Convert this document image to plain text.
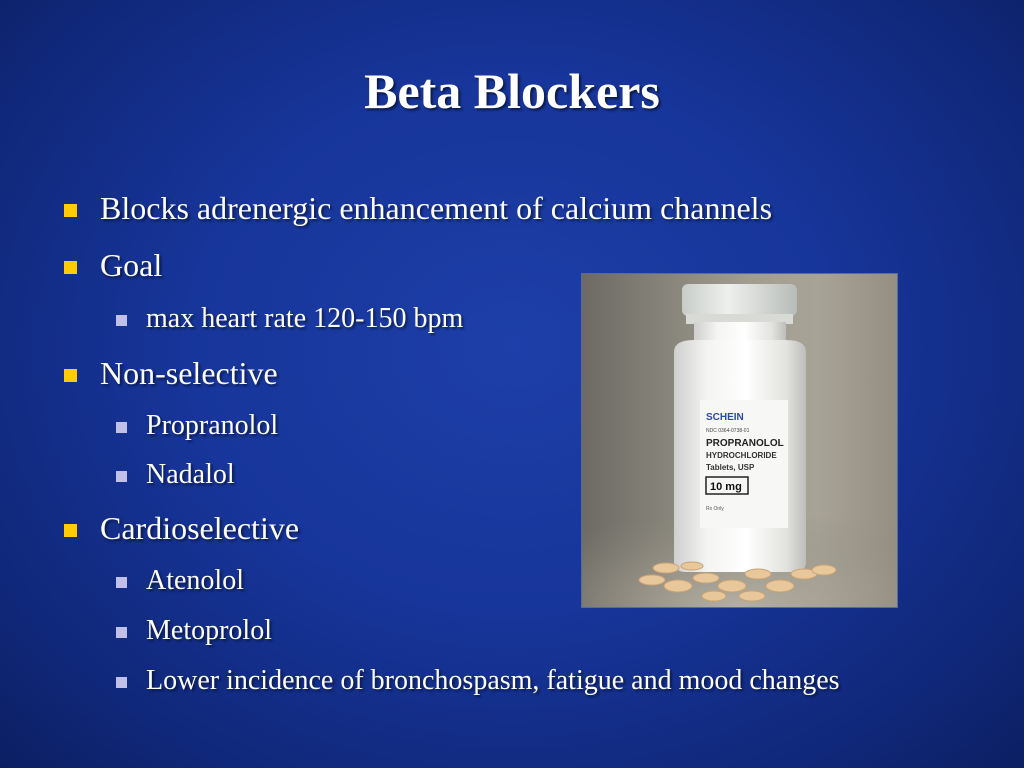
Beta Blockers
Blocks adrenergic enhancement of calcium channels
Goal
max heart rate 120-150 bpm
Non-selective
Propranolol
Nadalol
Cardioselective
Atenolol
Metoprolol
Lower incidence of bronchospasm, fatigue and mood changes
SCHEIN
NDC 0364-0738-01
PROPRANOLOL
HYDROCHLORIDE
Tablets, USP
10 mg
Rx Only
